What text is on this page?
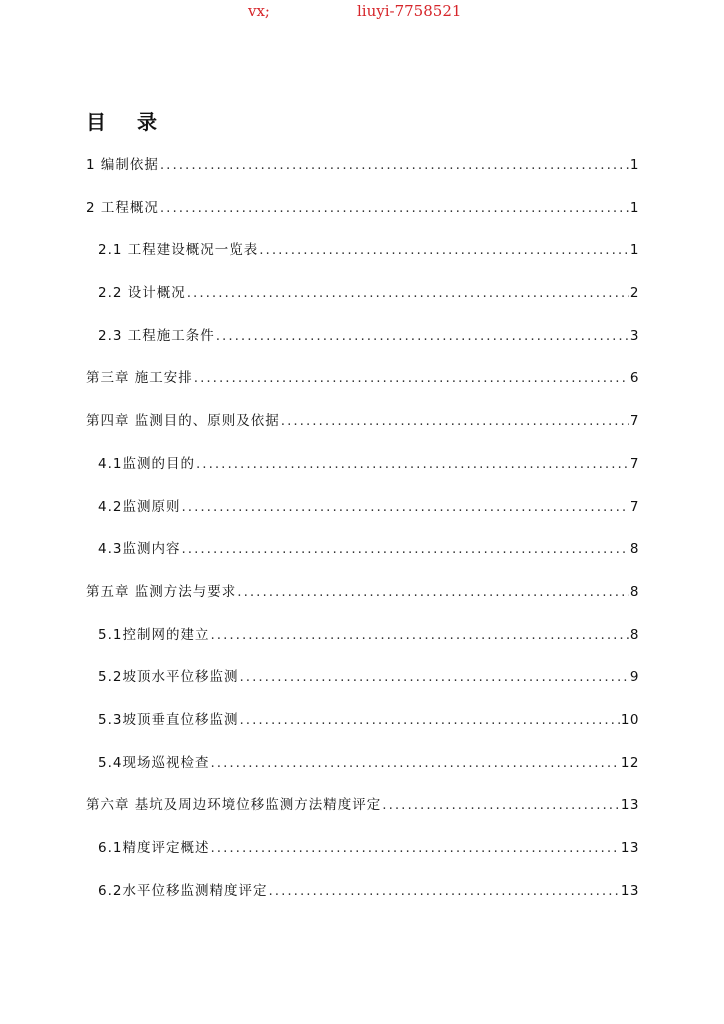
vx;	liuyi-7758521
目 录
1 编制依据 .....	1
2 工程概况 .....	1
2.1 工程建设概况一览表 .....	1
2.2 设计概况 .....	2
2.3 工程施工条件 .....	3
第三章 施工安排 .....	6
第四章 监测目的、原则及依据 .....	7
4.1监测的目的 .....	7
4.2监测原则 .....	7
4.3监测内容 .....	8
第五章 监测方法与要求 .....	8
5.1控制网的建立 .....	8
5.2坡顶水平位移监测 .....	9
5.3坡顶垂直位移监测 .....	10
5.4现场巡视检查 .....	12
第六章 基坑及周边环境位移监测方法精度评定 .....	13
6.1精度评定概述 .....	13
6.2水平位移监测精度评定 .....	13
